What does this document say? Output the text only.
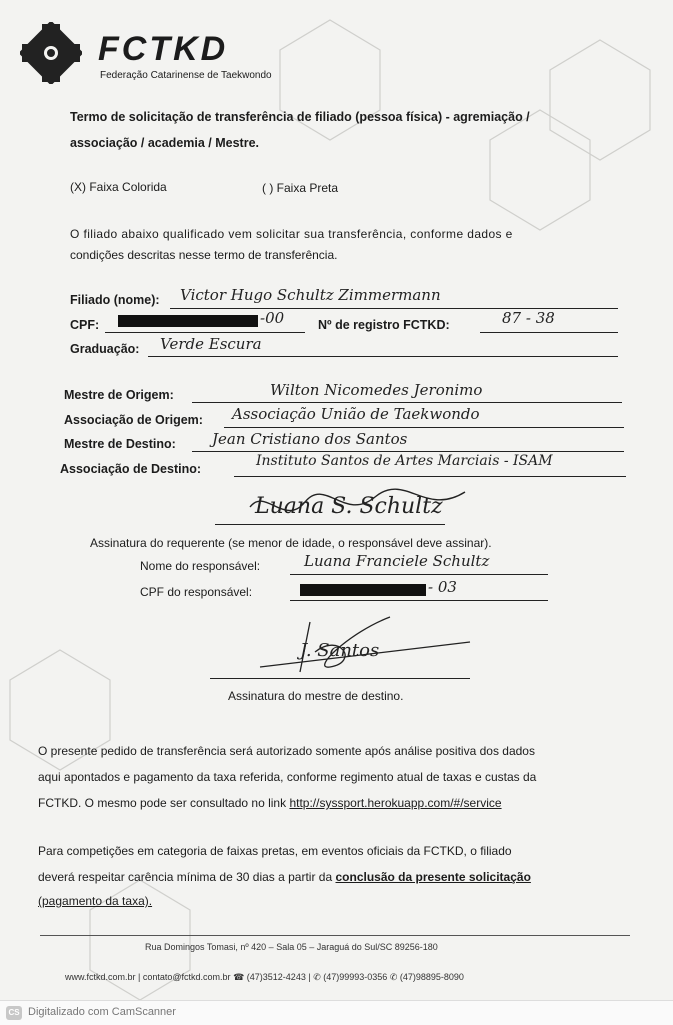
FCTKD
Federação Catarinense de Taekwondo
Termo de solicitação de transferência de filiado (pessoa física) - agremiação /
associação / academia / Mestre.
(X) Faixa Colorida	( ) Faixa Preta
O filiado abaixo qualificado vem solicitar sua transferência, conforme dados e
condições descritas nesse termo de transferência.
Filiado (nome): Victor Hugo Schultz Zimmermann
CPF:	-00	Nº de registro FCTKD:	87 - 38
Graduação: Verde Escura
Mestre de Origem:	Wilton Nicomedes Jeronimo
Associação de Origem: Associação União de Taekwondo
Mestre de Destino: Jean Cristiano dos Santos
Associação de Destino:	Instituto Santos de Artes Marciais - ISAM
Luana S. Schultz
Assinatura do requerente (se menor de idade, o responsável deve assinar).
Nome do responsável:	Luana Franciele Schultz
CPF do responsável:	- 03
J. Santos
Assinatura do mestre de destino.
O presente pedido de transferência será autorizado somente após análise positiva dos dados
aqui apontados e pagamento da taxa referida, conforme regimento atual de taxas e custas da
FCTKD. O mesmo pode ser consultado no link http://syssport.herokuapp.com/#/service
Para competições em categoria de faixas pretas, em eventos oficiais da FCTKD, o filiado
deverá respeitar carência mínima de 30 dias a partir da conclusão da presente solicitação
(pagamento da taxa).
Rua Domingos Tomasi, nº 420 – Sala 05 – Jaraguá do Sul/SC 89256-180
www.fctkd.com.br | contato@fctkd.com.br ☎ (47)3512-4243 | ✆ (47)99993-0356 ✆ (47)98895-8090
CS Digitalizado com CamScanner
